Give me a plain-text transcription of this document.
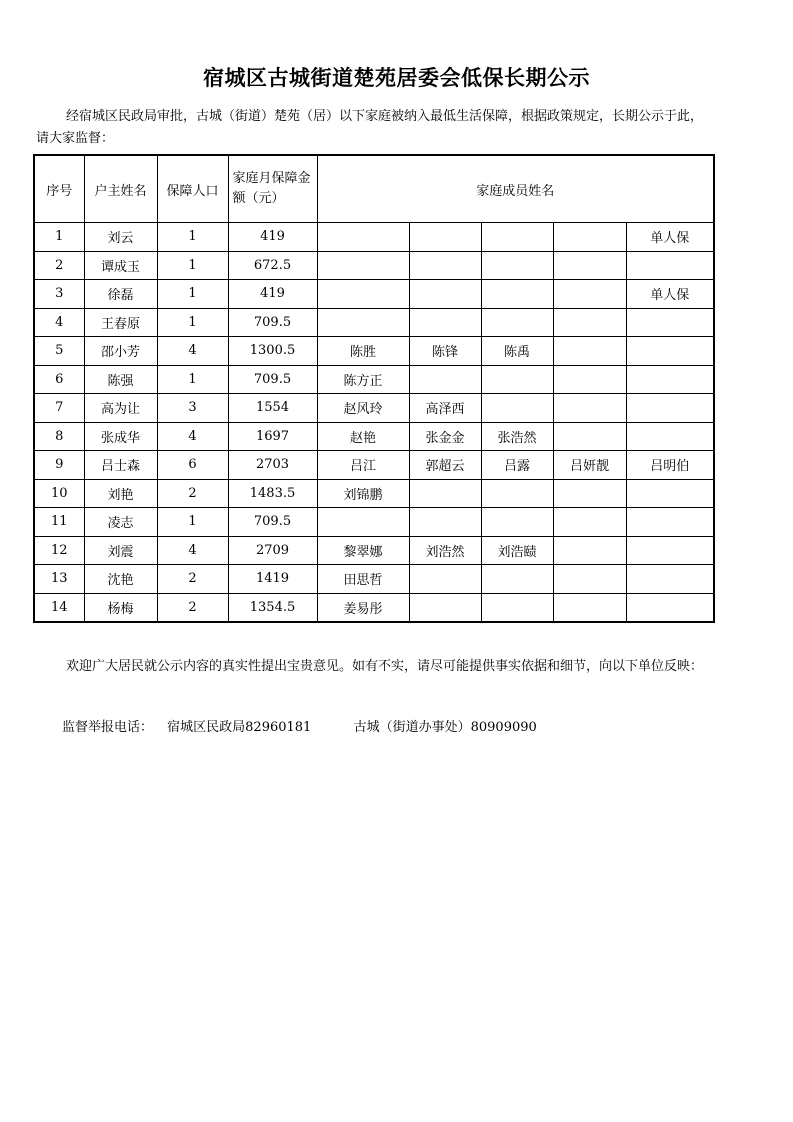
宿城区古城街道楚苑居委会低保长期公示
经宿城区民政局审批，古城（街道）楚苑（居）以下家庭被纳入最低生活保障，根据政策规定，长期公示于此，请大家监督：
序号	户主姓名	保障人口	家庭月保障金额（元）	家庭成员姓名				
1	刘云	1	419					单人保
2	谭成玉	1	672.5					
3	徐磊	1	419					单人保
4	王春原	1	709.5					
5	邵小芳	4	1300.5	陈胜	陈锋	陈禹		
6	陈强	1	709.5	陈方正				
7	高为让	3	1554	赵风玲	高泽西			
8	张成华	4	1697	赵艳	张金金	张浩然		
9	吕士森	6	2703	吕江	郭超云	吕露	吕妍靓	吕明伯
10	刘艳	2	1483.5	刘锦鹏				
11	凌志	1	709.5					
12	刘震	4	2709	黎翠娜	刘浩然	刘浩赜		
13	沈艳	2	1419	田思哲				
14	杨梅	2	1354.5	姜易彤				
欢迎广大居民就公示内容的真实性提出宝贵意见。如有不实，请尽可能提供事实依据和细节，向以下单位反映：
监督举报电话： 宿城区民政局82960181	古城（街道办事处）80909090
